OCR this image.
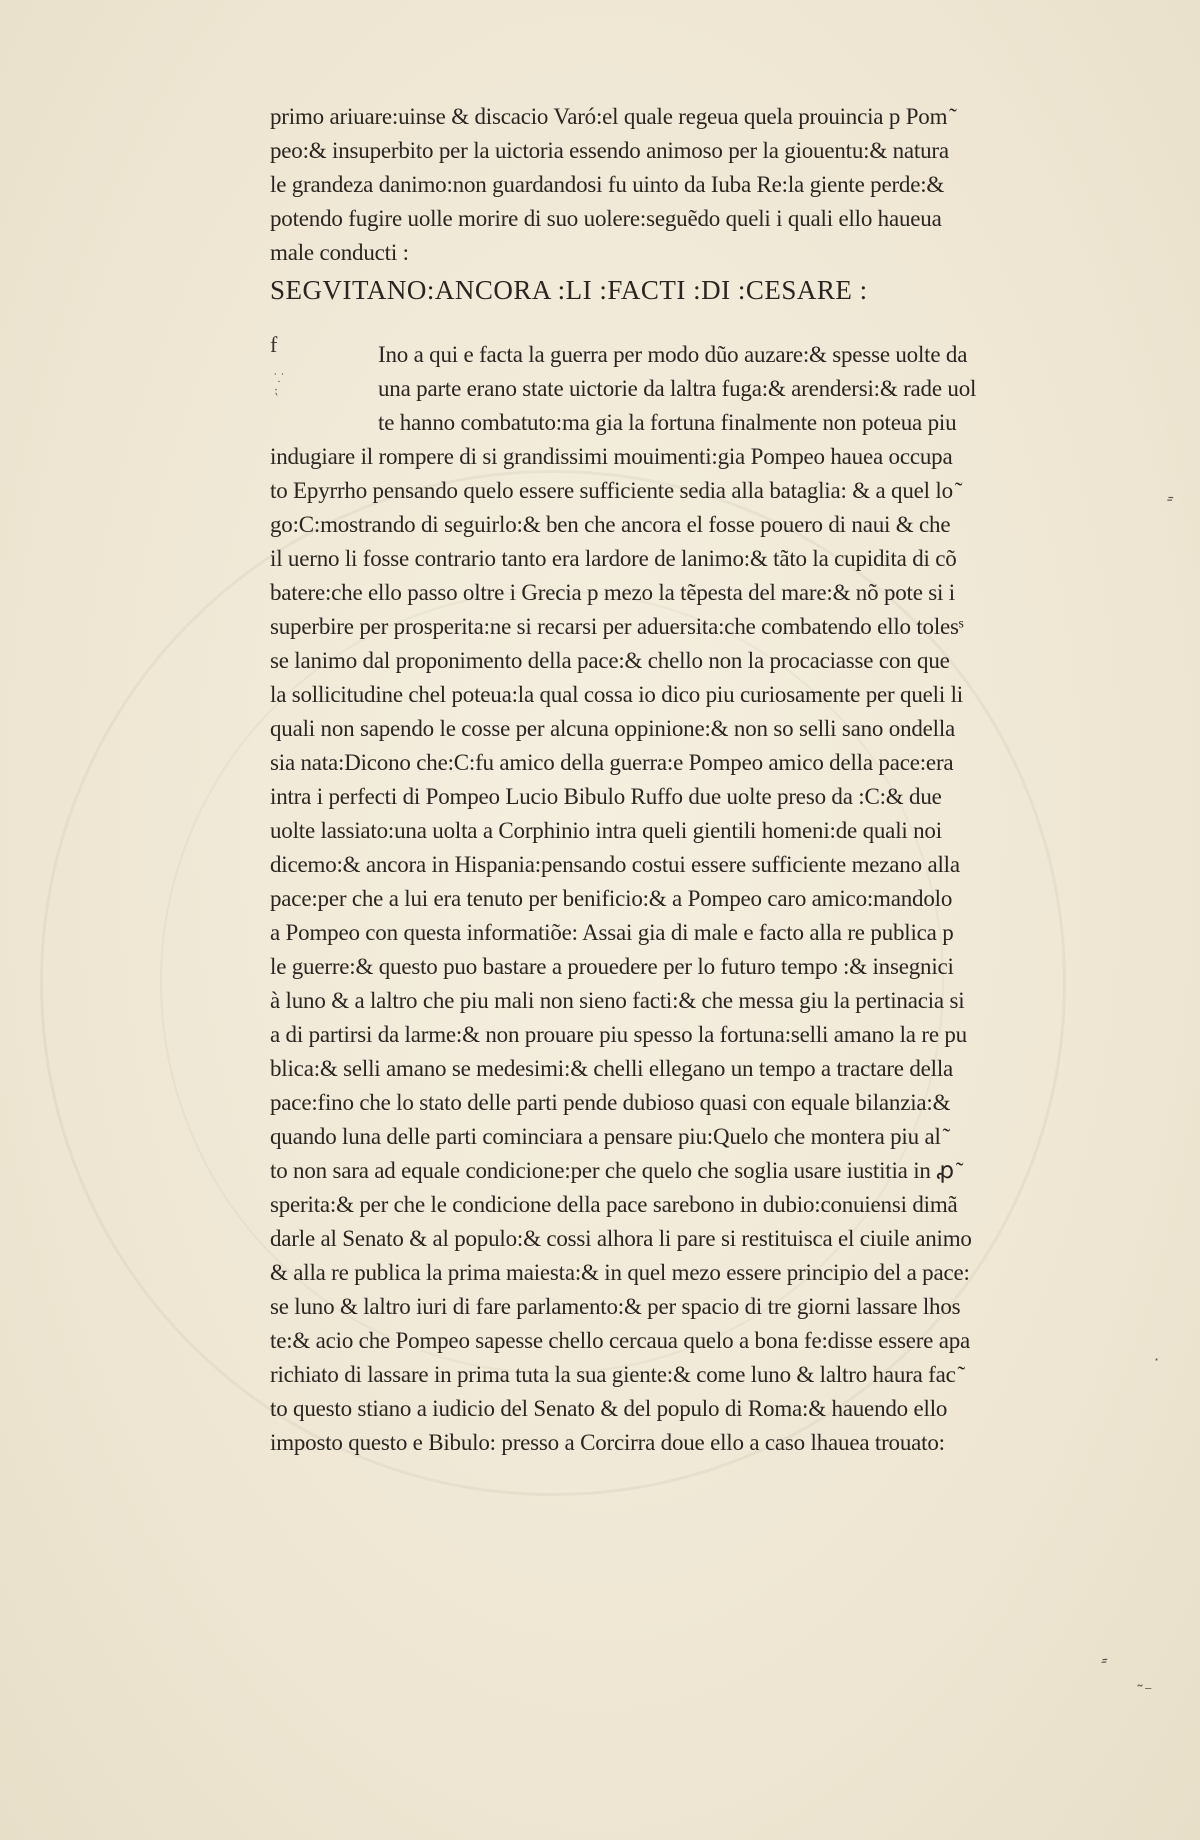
primo ariuare:uinse & discacio Varó:el quale regeua quela prouincia p Pom ͂
peo:& insuperbito per la uictoria essendo animoso per la giouentu:& natura
le grandeza danimo:non guardandosi fu uinto da Iuba Re:la giente perde:&
potendo fugire uolle morire di suo uolere:seguẽdo queli i quali ello haueua
male conducti :
SEGVITANO:ANCORA :LI :FACTI :DI :CESARE :
Ino a qui e facta la guerra per modo dũo auzare:& spesse uolte da
una parte erano state uictorie da laltra fuga:& arendersi:& rade uol
te hanno combatuto:ma gia la fortuna finalmente non poteua piu
indugiare il rompere di si grandissimi mouimenti:gia Pompeo hauea occupa
to Epyrrho pensando quelo essere sufficiente sedia alla bataglia: & a quel lo ͂
go:C:mostrando di seguirlo:& ben che ancora el fosse pouero di naui & che
il uerno li fosse contrario tanto era lardore de lanimo:& tãto la cupidita di cõ
batere:che ello passo oltre i Grecia p mezo la tẽpesta del mare:& nõ pote si i
superbire per prosperita:ne si recarsi per aduersita:che combatendo ello tolesˢ
se lanimo dal proponimento della pace:& chello non la procaciasse con que
la sollicitudine chel poteua:la qual cossa io dico piu curiosamente per queli li
quali non sapendo le cosse per alcuna oppinione:& non so selli sano ondella
sia nata:Dicono che:C:fu amico della guerra:e Pompeo amico della pace:era
intra i perfecti di Pompeo Lucio Bibulo Ruffo due uolte preso da :C:& due
uolte lassiato:una uolta a Corphinio intra queli gientili homeni:de quali noi
dicemo:& ancora in Hispania:pensando costui essere sufficiente mezano alla
pace:per che a lui era tenuto per benificio:& a Pompeo caro amico:mandolo
a Pompeo con questa informatiõe: Assai gia di male e facto alla re publica p
le guerre:& questo puo bastare a prouedere per lo futuro tempo :& insegnici
à luno & a laltro che piu mali non sieno facti:& che messa giu la pertinacia si
a di partirsi da larme:& non prouare piu spesso la fortuna:selli amano la re pu
blica:& selli amano se medesimi:& chelli ellegano un tempo a tractare della
pace:fino che lo stato delle parti pende dubioso quasi con equale bilanzia:&
quando luna delle parti cominciara a pensare piu:Quelo che montera piu al ͂
to non sara ad equale condicione:per che quelo che soglia usare iustitia in ꝓ ͂
sperita:& per che le condicione della pace sarebono in dubio:conuiensi dimã
darle al Senato & al populo:& cossi alhora li pare si restituisca el ciuile animo
& alla re publica la prima maiesta:& in quel mezo essere principio del a pace:
se luno & laltro iuri di fare parlamento:& per spacio di tre giorni lassare lhos
te:& acio che Pompeo sapesse chello cercaua quelo a bona fe:disse essere apa
richiato di lassare in prima tuta la sua giente:& come luno & laltro haura fac ͂
to questo stiano a iudicio del Senato & del populo di Roma:& hauendo ello
imposto questo e Bibulo: presso a Corcirra doue ello a caso lhauea trouato:
f
⸪
⁏
⸗
·
⸗
˜⁻
